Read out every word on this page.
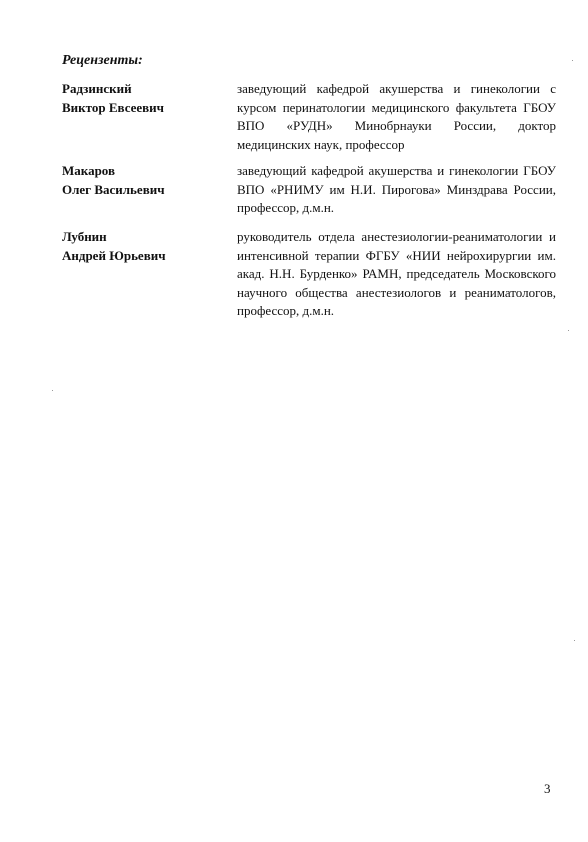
Рецензенты:
Радзинский
Виктор Евсеевич
заведующий кафедрой акушерства и гинекологии с курсом перинатологии медицинского факультета ГБОУ ВПО «РУДН» Минобрнауки России, доктор медицинских наук, профессор
Макаров
Олег Васильевич
заведующий кафедрой акушерства и гинекологии ГБОУ ВПО «РНИМУ им Н.И. Пирогова» Минздрава России, профессор, д.м.н.
Лубнин
Андрей Юрьевич
руководитель отдела анестезиологии-реаниматологии и интенсивной терапии ФГБУ «НИИ нейрохирургии им. акад. Н.Н. Бурденко» РАМН, председатель Московского научного общества анестезиологов и реаниматологов, профессор, д.м.н.
3
